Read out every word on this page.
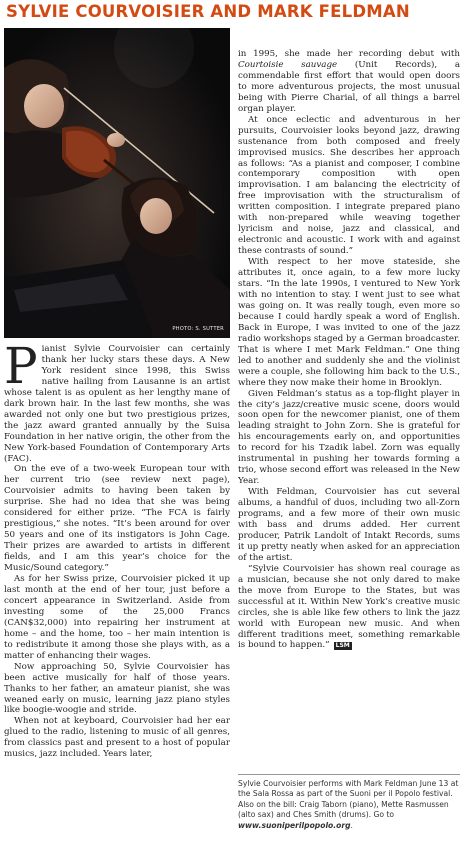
SYLVIE COURVOISIER AND MARK FELDMAN
PHOTO: S. SUTTER

Pianist Sylvie Courvoisier can certainly thank her lucky stars these days. A New York resident since 1998, this Swiss native hailing from Lausanne is an artist whose talent is as opulent as her lengthy mane of dark brown hair. In the last few months, she was awarded not only one but two prestigious prizes, the jazz award granted annually by the Suisa Foundation in her native origin, the other from the New York-based Foundation of Contemporary Arts (FAC).

On the eve of a two-week European tour with her current trio (see review next page), Courvoisier admits to having been taken by surprise. She had no idea that she was being considered for either prize. “The FCA is fairly prestigious,” she notes. “It’s been around for over 50 years and one of its instigators is John Cage. Their prizes are awarded to artists in different fields, and I am this year’s choice for the Music/Sound category.”

As for her Swiss prize, Courvoisier picked it up last month at the end of her tour, just before a concert appearance in Switzerland. Aside from investing some of the 25,000 Francs (CAN$32,000) into repairing her instrument at home – and the home, too – her main intention is to redistribute it among those she plays with, as a matter of enhancing their wages.

Now approaching 50, Sylvie Courvoisier has been active musically for half of those years. Thanks to her father, an amateur pianist, she was weaned early on music, learning jazz piano styles like boogie-woogie and stride.

When not at keyboard, Courvoisier had her ear glued to the radio, listening to music of all genres, from classics past and present to a host of popular musics, jazz included. Years later,

in 1995, she made her recording debut with Courtoisie sauvage (Unit Records), a commendable first effort that would open doors to more adventurous projects, the most unusual being with Pierre Charial, of all things a barrel organ player.

At once eclectic and adventurous in her pursuits, Courvoisier looks beyond jazz, drawing sustenance from both composed and freely improvised musics. She describes her approach as follows: “As a pianist and composer, I combine contemporary composition with open improvisation. I am balancing the electricity of free improvisation with the structuralism of written composition. I integrate prepared piano with non-prepared while weaving together lyricism and noise, jazz and classical, and electronic and acoustic. I work with and against these contrasts of sound.”

With respect to her move stateside, she attributes it, once again, to a few more lucky stars. “In the late 1990s, I ventured to New York with no intention to stay. I went just to see what was going on. It was really tough, even more so because I could hardly speak a word of English. Back in Europe, I was invited to one of the jazz radio workshops staged by a German broadcaster. That is where I met Mark Feldman.” One thing led to another and suddenly she and the violinist were a couple, she following him back to the U.S., where they now make their home in Brooklyn.

Given Feldman’s status as a top-flight player in the city’s jazz/creative music scene, doors would soon open for the newcomer pianist, one of them leading straight to John Zorn. She is grateful for his encouragements early on, and opportunities to record for his Tzadik label. Zorn was equally instrumental in pushing her towards forming a trio, whose second effort was released in the New Year.

With Feldman, Courvoisier has cut several albums, a handful of duos, including two all-Zorn programs, and a few more of their own music with bass and drums added. Her current producer, Patrik Landolt of Intakt Records, sums it up pretty neatly when asked for an appreciation of the artist.

“Sylvie Courvoisier has shown real courage as a musician, because she not only dared to make the move from Europe to the States, but was successful at it. Within New York’s creative music circles, she is able like few others to link the jazz world with European new music. And when different traditions meet, something remarkable is bound to happen.” LSM

Sylvie Courvoisier performs with Mark Feldman June 13 at the Sala Rossa as part of the Suoni per il Popolo festival. Also on the bill: Craig Taborn (piano), Mette Rasmussen (alto sax) and Ches Smith (drums). Go to www.suoniperilpopolo.org.
